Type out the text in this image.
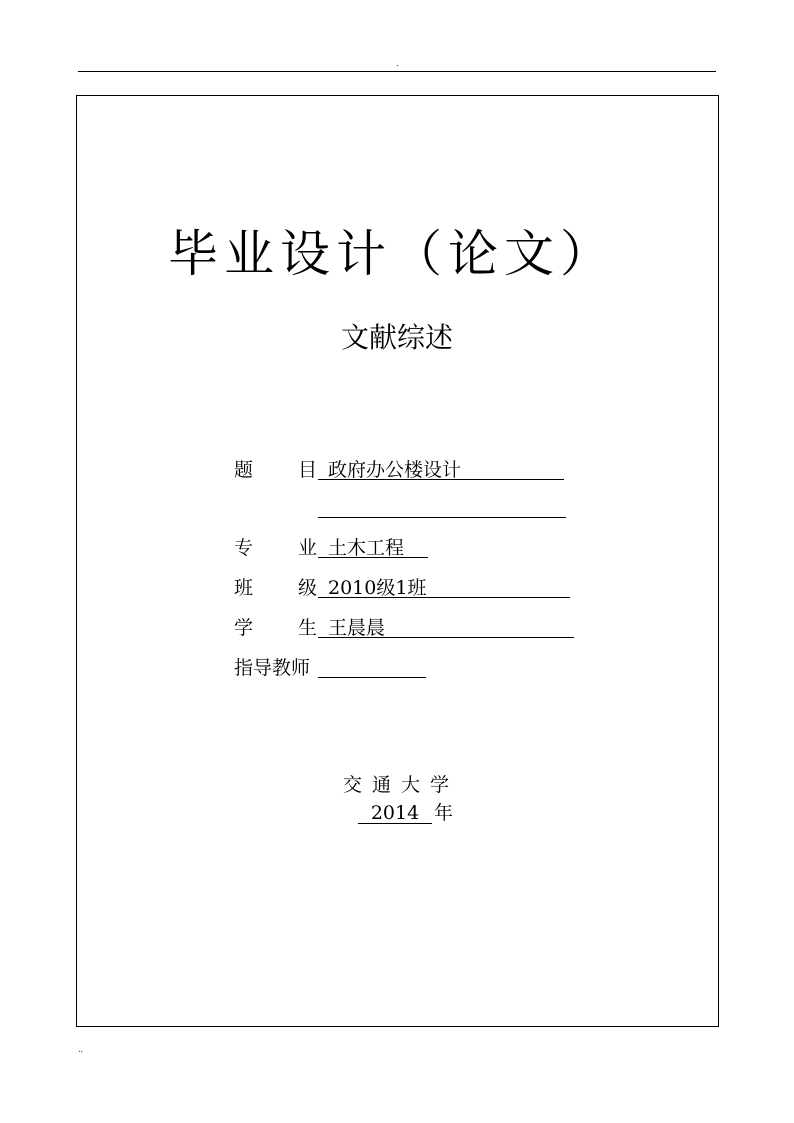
.
毕业设计（论文）
文献综述
题 目 政府办公楼设计
专 业 土木工程
班 级 2010级1班
学 生 王晨晨
指导教师
交通大学
2014 年
..
